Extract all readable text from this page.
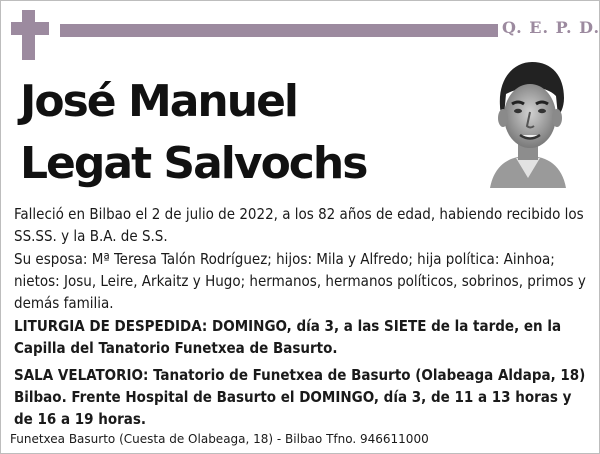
Q. E. P. D.
José Manuel
Legat Salvochs

Falleció en Bilbao el 2 de julio de 2022, a los 82 años de edad, habiendo recibido los SS.SS. y la B.A. de S.S.

Su esposa: Mª Teresa Talón Rodríguez; hijos: Mila y Alfredo; hija política: Ainhoa; nietos: Josu, Leire, Arkaitz y Hugo; hermanos, hermanos políticos, sobrinos, primos y demás familia.

LITURGIA DE DESPEDIDA: DOMINGO, día 3, a las SIETE de la tarde, en la Capilla del Tanatorio Funetxea de Basurto.

SALA VELATORIO: Tanatorio de Funetxea de Basurto (Olabeaga Aldapa, 18) Bilbao. Frente Hospital de Basurto el DOMINGO, día 3, de 11 a 13 horas y de 16 a 19 horas.

Funetxea Basurto (Cuesta de Olabeaga, 18) - Bilbao Tfno. 946611000
